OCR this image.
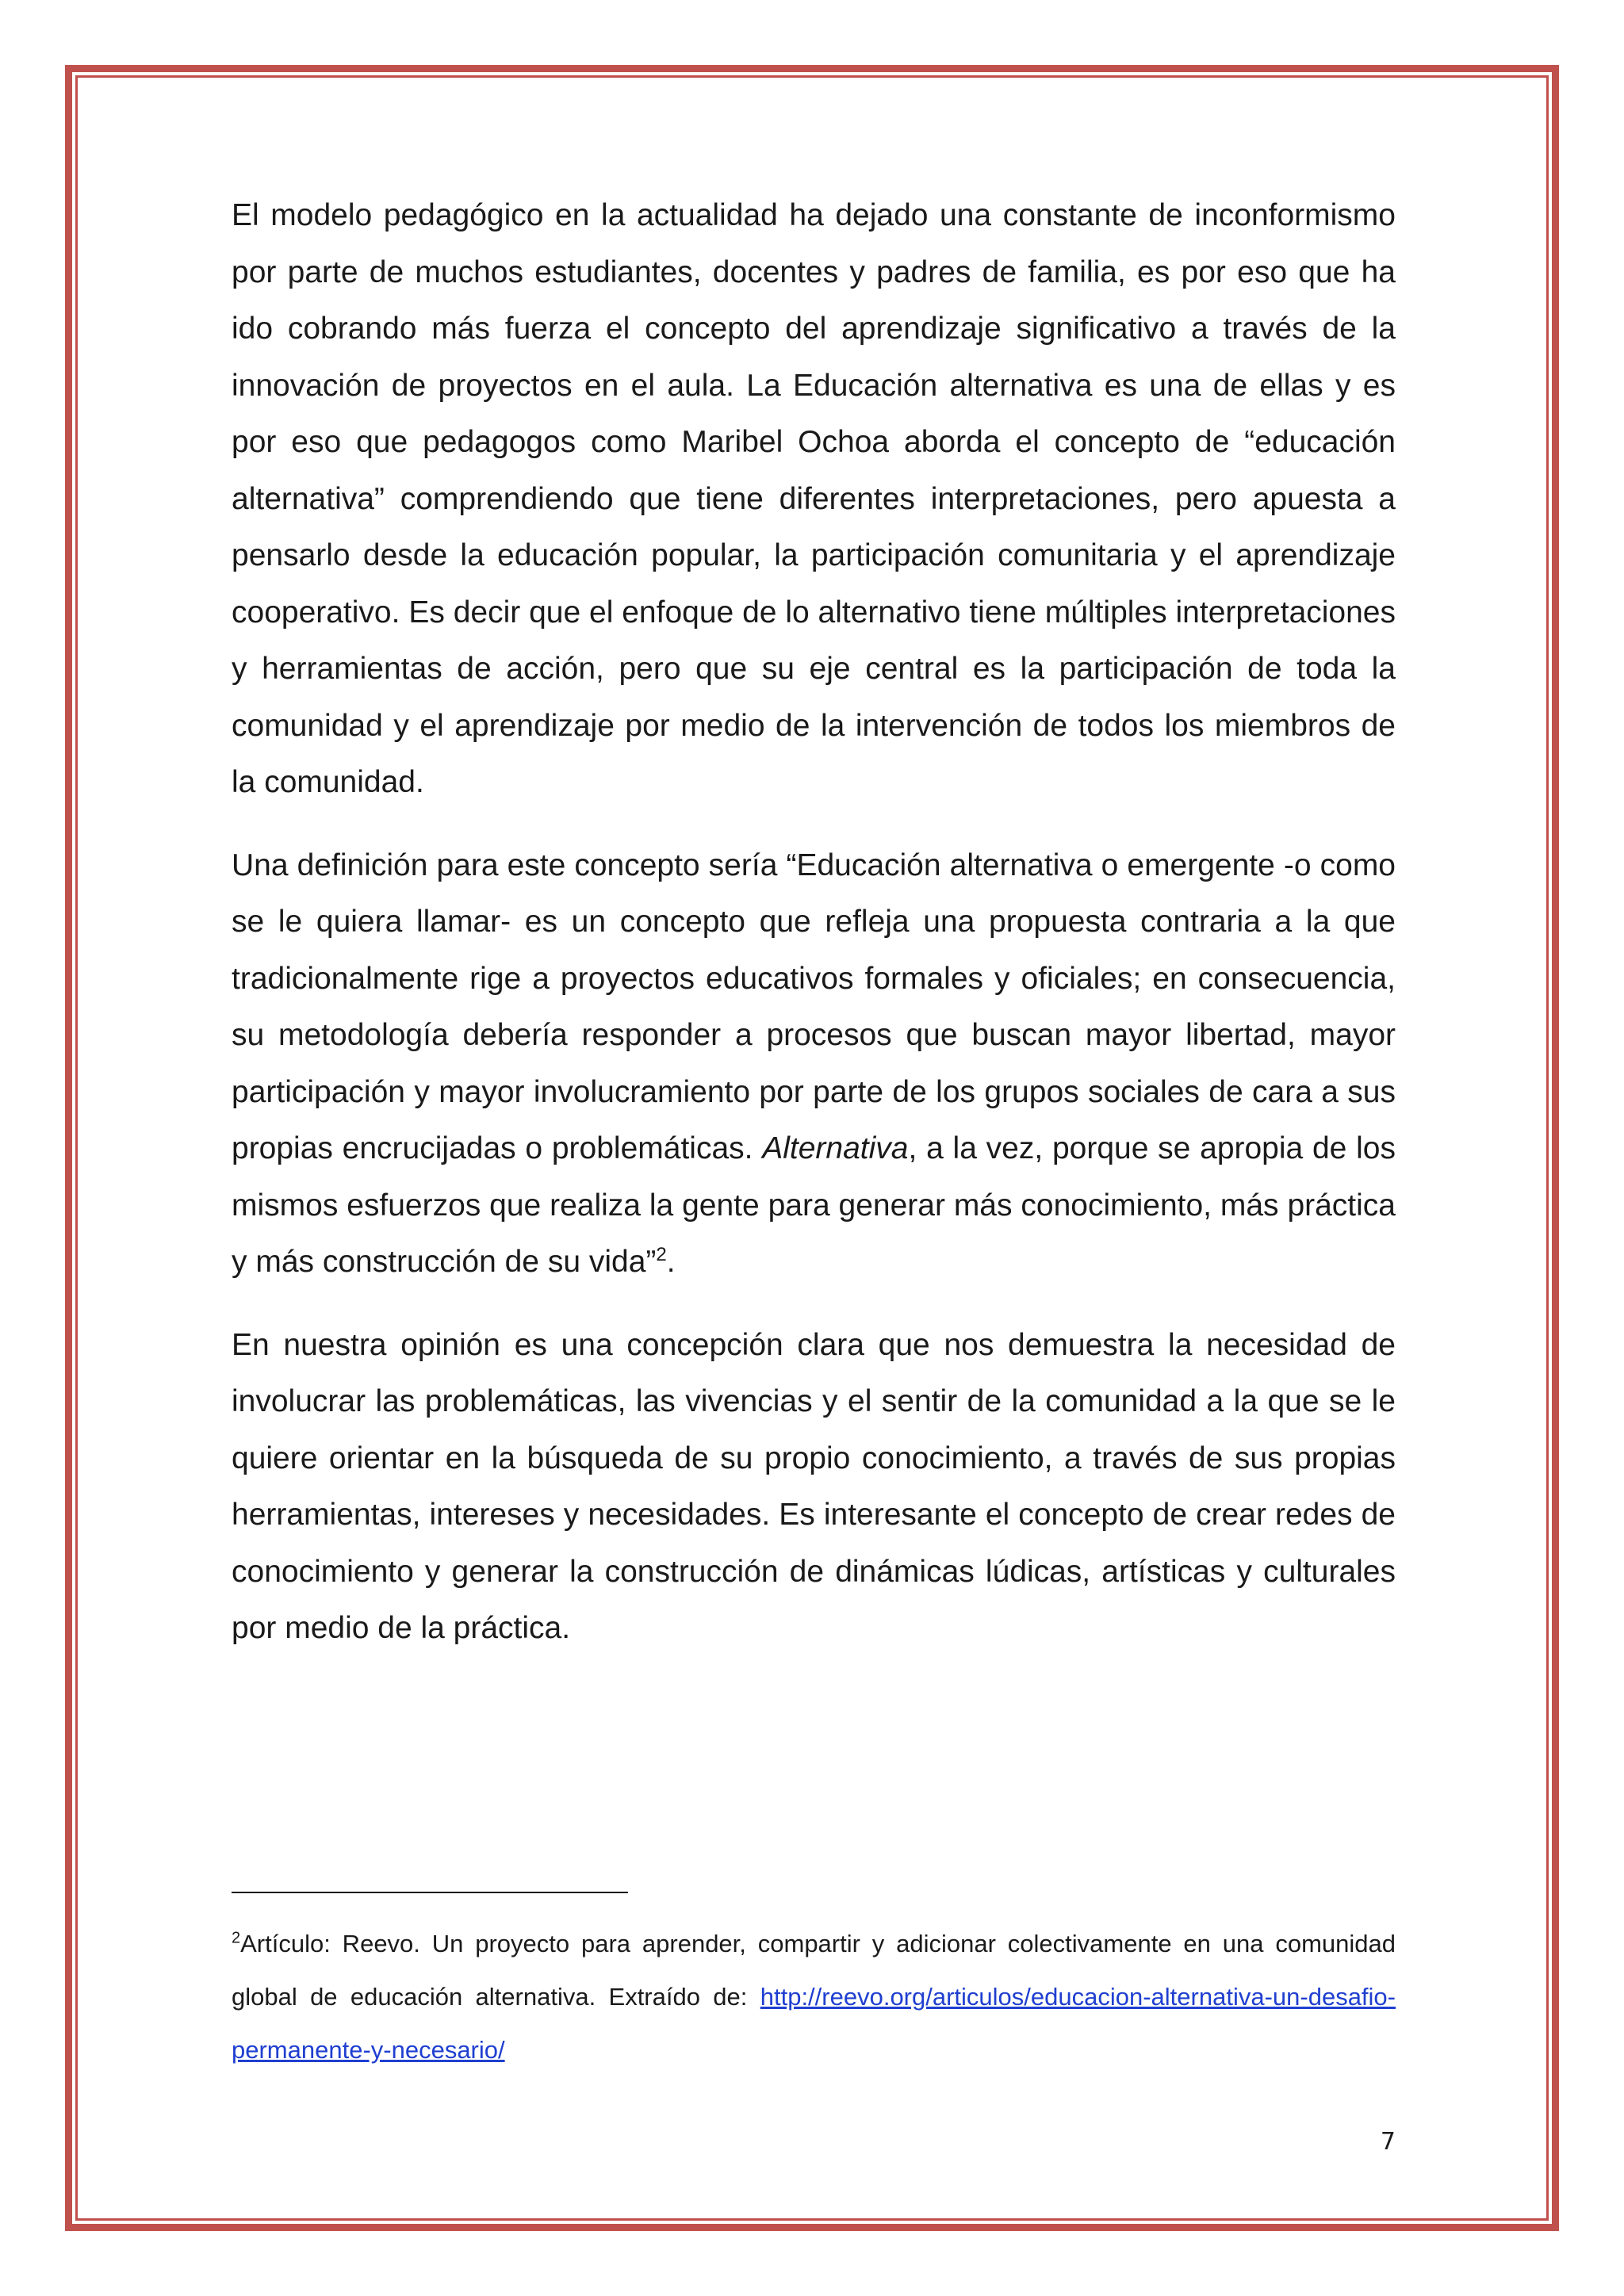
El modelo pedagógico en la actualidad ha dejado una constante de inconformismo por parte de muchos estudiantes, docentes y padres de familia, es por eso que ha ido cobrando más fuerza el concepto del aprendizaje significativo a través de la innovación de proyectos en el aula. La Educación alternativa es una de ellas y es por eso que pedagogos como Maribel Ochoa aborda el concepto de “educación alternativa” comprendiendo que tiene diferentes interpretaciones, pero apuesta a pensarlo desde la educación popular, la participación comunitaria y el aprendizaje cooperativo. Es decir que el enfoque de lo alternativo tiene múltiples interpretaciones y herramientas de acción, pero que su eje central es la participación de toda la comunidad y el aprendizaje por medio de la intervención de todos los miembros de la comunidad.

Una definición para este concepto sería “Educación alternativa o emergente -o como se le quiera llamar- es un concepto que refleja una propuesta contraria a la que tradicionalmente rige a proyectos educativos formales y oficiales; en consecuencia, su metodología debería responder a procesos que buscan mayor libertad, mayor participación y mayor involucramiento por parte de los grupos sociales de cara a sus propias encrucijadas o problemáticas. Alternativa, a la vez, porque se apropia de los mismos esfuerzos que realiza la gente para generar más conocimiento, más práctica y más construcción de su vida”$^2$.

En nuestra opinión es una concepción clara que nos demuestra la necesidad de involucrar las problemáticas, las vivencias y el sentir de la comunidad a la que se le quiere orientar en la búsqueda de su propio conocimiento, a través de sus propias herramientas, intereses y necesidades. Es interesante el concepto de crear redes de conocimiento y generar la construcción de dinámicas lúdicas, artísticas y culturales por medio de la práctica.

$^2$Artículo: Reevo. Un proyecto para aprender, compartir y adicionar colectivamente en una comunidad global de educación alternativa. Extraído de: http://reevo.org/articulos/educacion-alternativa-un-desafio-permanente-y-necesario/

7
